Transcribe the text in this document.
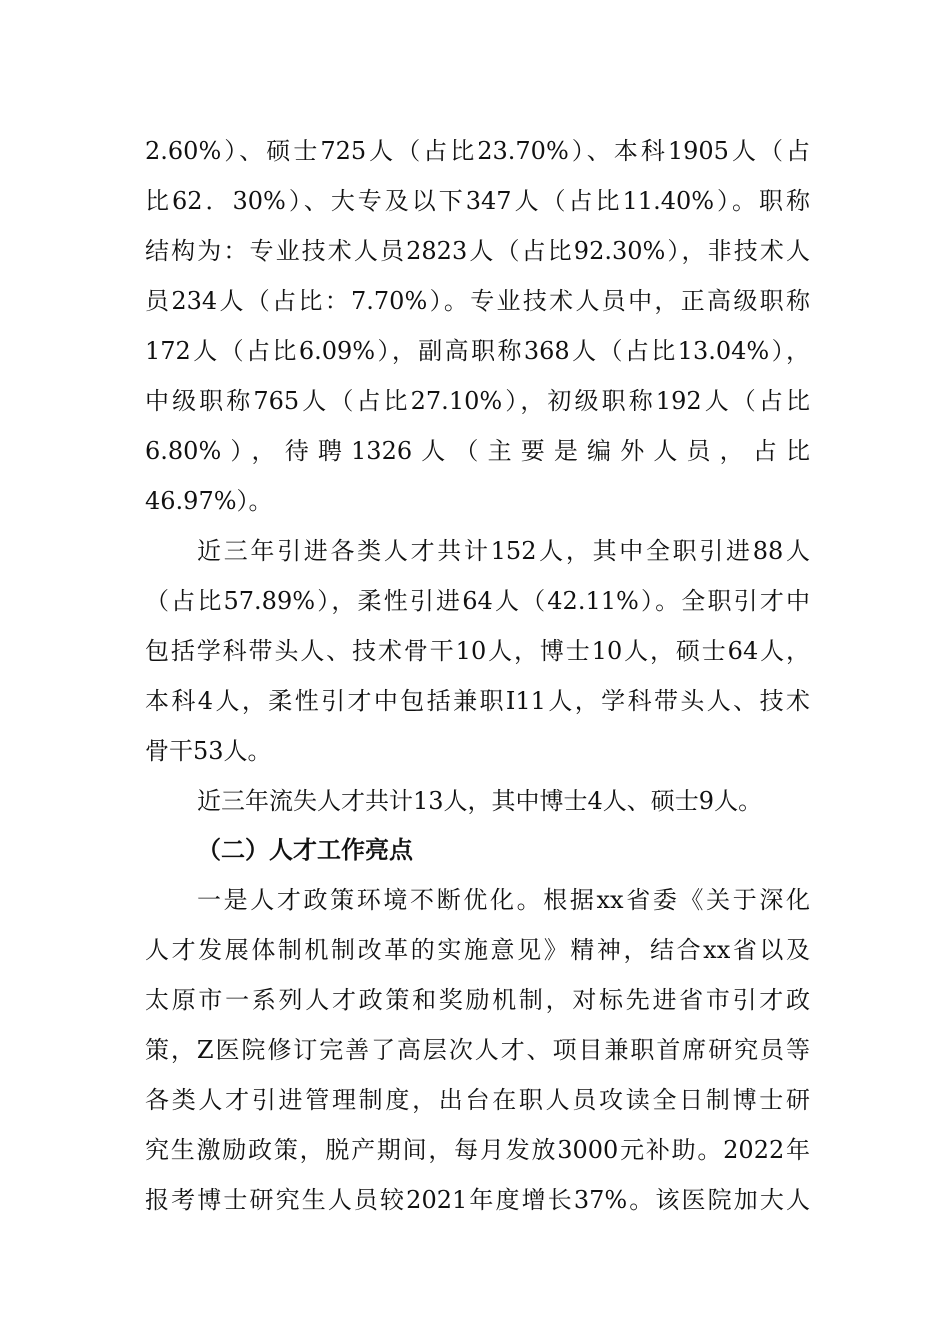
2.60%）、硕士725人（占比23.70%）、本科1905人（占
比62．30%）、大专及以下347人（占比11.40%）。职称
结构为：专业技术人员2823人（占比92.30%），非技术人
员234人（占比：7.70%）。专业技术人员中，正高级职称
172人（占比6.09%），副高职称368人（占比13.04%），
中级职称765人（占比27.10%），初级职称192人（占比
6.80%），待聘1326人（主要是编外人员，占比
46.97%）。
近三年引进各类人才共计152人，其中全职引进88人
（占比57.89%），柔性引进64人（42.11%）。全职引才中
包括学科带头人、技术骨干10人，博士10人，硕士64人，
本科4人，柔性引才中包括兼职I11人，学科带头人、技术
骨干53人。
近三年流失人才共计13人，其中博士4人、硕士9人。
（二）人才工作亮点
一是人才政策环境不断优化。根据xx省委《关于深化
人才发展体制机制改革的实施意见》精神，结合xx省以及
太原市一系列人才政策和奖励机制，对标先进省市引才政
策，Z医院修订完善了高层次人才、项目兼职首席研究员等
各类人才引进管理制度，出台在职人员攻读全日制博士研
究生激励政策，脱产期间，每月发放3000元补助。2022年
报考博士研究生人员较2021年度增长37%。该医院加大人
